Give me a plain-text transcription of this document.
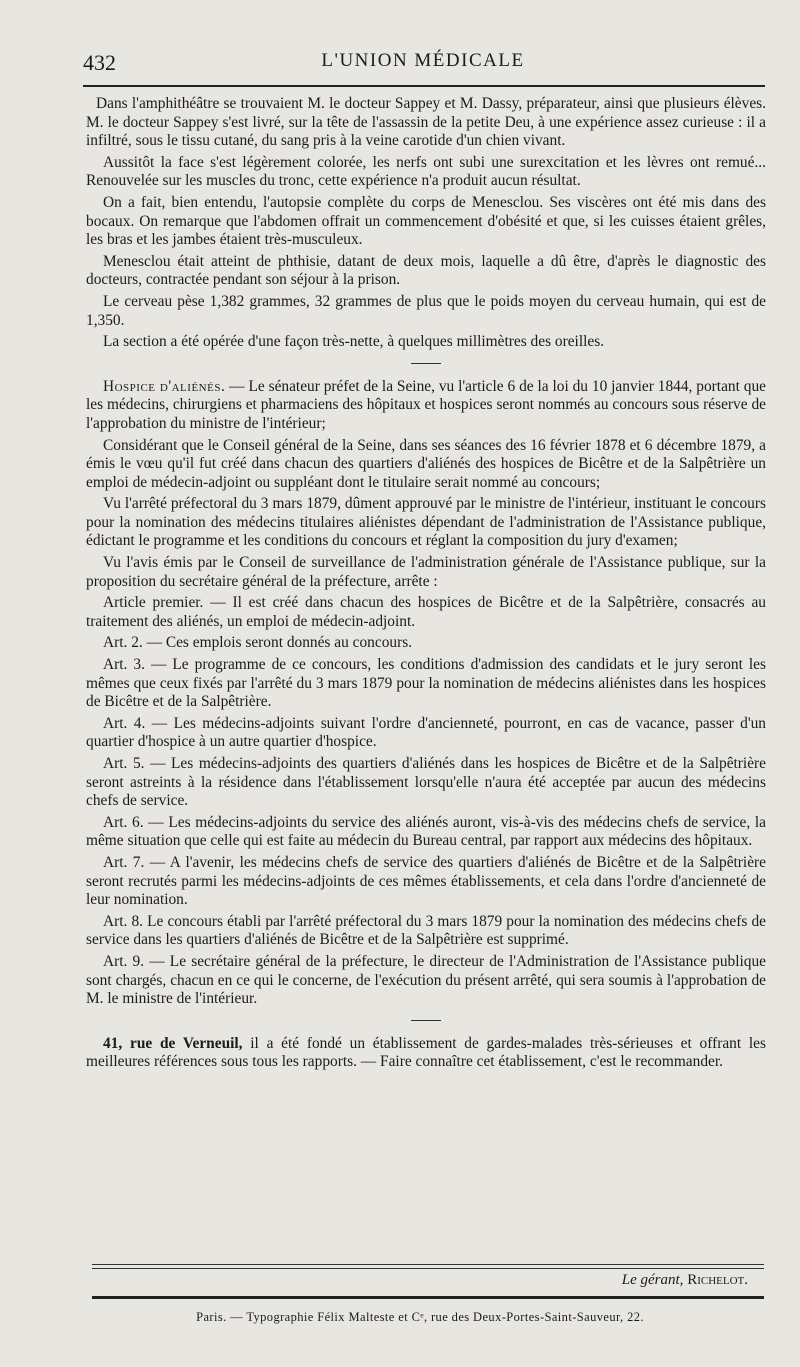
432	L'UNION MÉDICALE

Dans l'amphithéâtre se trouvaient M. le docteur Sappey et M. Dassy, préparateur, ainsi que plusieurs élèves. M. le docteur Sappey s'est livré, sur la tête de l'assassin de la petite Deu, à une expérience assez curieuse : il a infiltré, sous le tissu cutané, du sang pris à la veine carotide d'un chien vivant.

Aussitôt la face s'est légèrement colorée, les nerfs ont subi une surexcitation et les lèvres ont remué... Renouvelée sur les muscles du tronc, cette expérience n'a produit aucun résultat.

On a fait, bien entendu, l'autopsie complète du corps de Menesclou. Ses viscères ont été mis dans des bocaux. On remarque que l'abdomen offrait un commencement d'obésité et que, si les cuisses étaient grêles, les bras et les jambes étaient très-musculeux.

Menesclou était atteint de phthisie, datant de deux mois, laquelle a dû être, d'après le diagnostic des docteurs, contractée pendant son séjour à la prison.

Le cerveau pèse 1,382 grammes, 32 grammes de plus que le poids moyen du cerveau humain, qui est de 1,350.

La section a été opérée d'une façon très-nette, à quelques millimètres des oreilles.

Hospice d'aliénés. — Le sénateur préfet de la Seine, vu l'article 6 de la loi du 10 janvier 1844, portant que les médecins, chirurgiens et pharmaciens des hôpitaux et hospices seront nommés au concours sous réserve de l'approbation du ministre de l'intérieur;

Considérant que le Conseil général de la Seine, dans ses séances des 16 février 1878 et 6 décembre 1879, a émis le vœu qu'il fut créé dans chacun des quartiers d'aliénés des hospices de Bicêtre et de la Salpêtrière un emploi de médecin-adjoint ou suppléant dont le titulaire serait nommé au concours;

Vu l'arrêté préfectoral du 3 mars 1879, dûment approuvé par le ministre de l'intérieur, instituant le concours pour la nomination des médecins titulaires aliénistes dépendant de l'administration de l'Assistance publique, édictant le programme et les conditions du concours et réglant la composition du jury d'examen;

Vu l'avis émis par le Conseil de surveillance de l'administration générale de l'Assistance publique, sur la proposition du secrétaire général de la préfecture, arrête :

Article premier. — Il est créé dans chacun des hospices de Bicêtre et de la Salpêtrière, consacrés au traitement des aliénés, un emploi de médecin-adjoint.

Art. 2. — Ces emplois seront donnés au concours.

Art. 3. — Le programme de ce concours, les conditions d'admission des candidats et le jury seront les mêmes que ceux fixés par l'arrêté du 3 mars 1879 pour la nomination de médecins aliénistes dans les hospices de Bicêtre et de la Salpêtrière.

Art. 4. — Les médecins-adjoints suivant l'ordre d'ancienneté, pourront, en cas de vacance, passer d'un quartier d'hospice à un autre quartier d'hospice.

Art. 5. — Les médecins-adjoints des quartiers d'aliénés dans les hospices de Bicêtre et de la Salpêtrière seront astreints à la résidence dans l'établissement lorsqu'elle n'aura été acceptée par aucun des médecins chefs de service.

Art. 6. — Les médecins-adjoints du service des aliénés auront, vis-à-vis des médecins chefs de service, la même situation que celle qui est faite au médecin du Bureau central, par rapport aux médecins des hôpitaux.

Art. 7. — A l'avenir, les médecins chefs de service des quartiers d'aliénés de Bicêtre et de la Salpêtrière seront recrutés parmi les médecins-adjoints de ces mêmes établissements, et cela dans l'ordre d'ancienneté de leur nomination.

Art. 8. Le concours établi par l'arrêté préfectoral du 3 mars 1879 pour la nomination des médecins chefs de service dans les quartiers d'aliénés de Bicêtre et de la Salpêtrière est supprimé.

Art. 9. — Le secrétaire général de la préfecture, le directeur de l'Administration de l'Assistance publique sont chargés, chacun en ce qui le concerne, de l'exécution du présent arrêté, qui sera soumis à l'approbation de M. le ministre de l'intérieur.

41, rue de Verneuil, il a été fondé un établissement de gardes-malades très-sérieuses et offrant les meilleures références sous tous les rapports. — Faire connaître cet établissement, c'est le recommander.

Le gérant, Richelot.
Paris. — Typographie Félix Malteste et Cᵉ, rue des Deux-Portes-Saint-Sauveur, 22.
